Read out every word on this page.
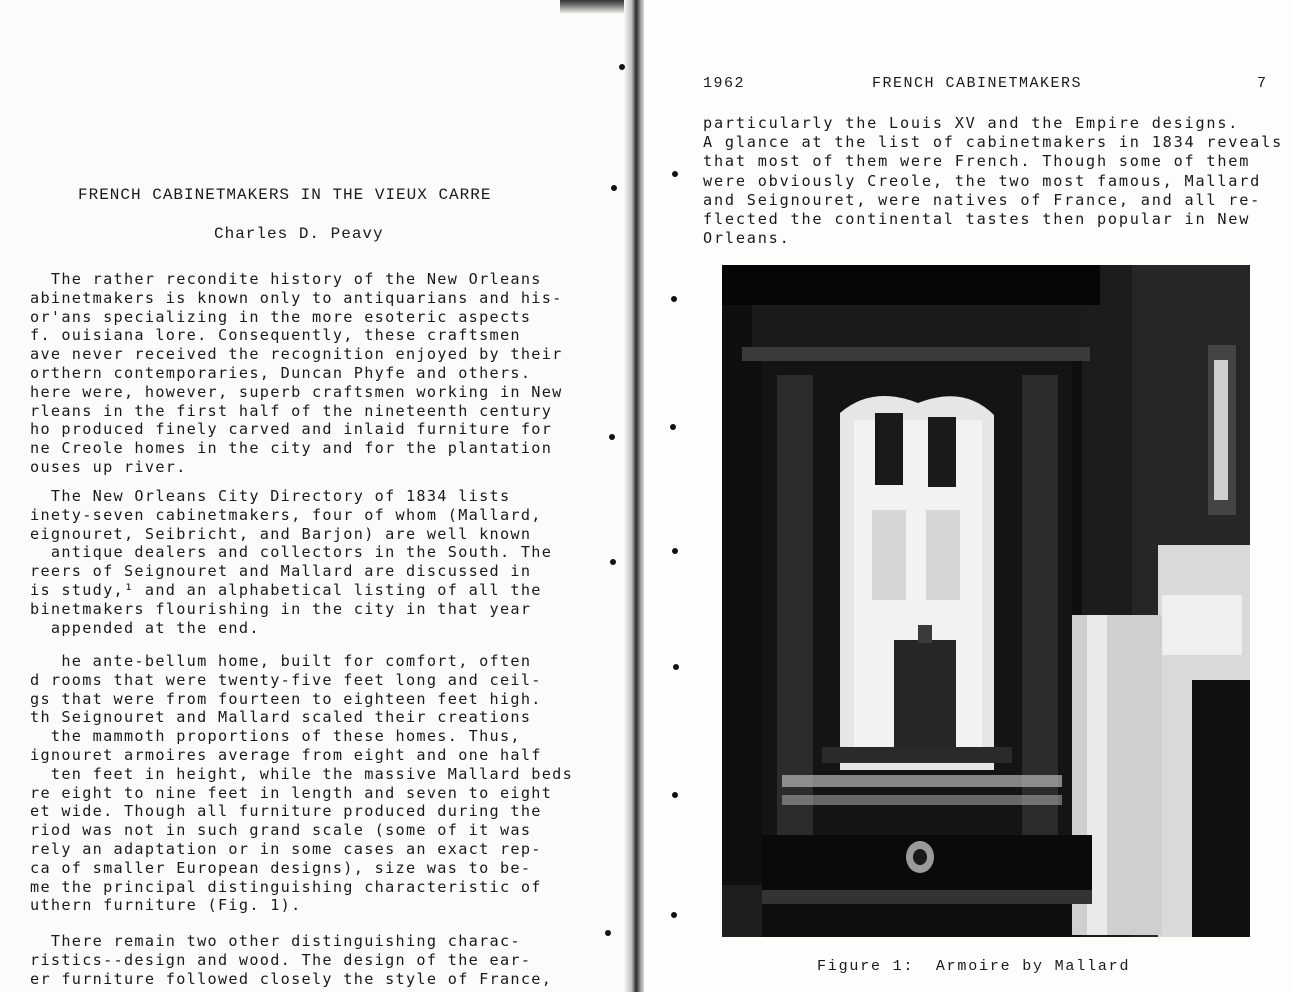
FRENCH CABINETMAKERS IN THE VIEUX CARRE
Charles D. Peavy
The rather recondite history of the New Orleans
abinetmakers is known only to antiquarians and his-
or'ans specializing in the more esoteric aspects
f. ouisiana lore. Consequently, these craftsmen
ave never received the recognition enjoyed by their
orthern contemporaries, Duncan Phyfe and others.
here were, however, superb craftsmen working in New
rleans in the first half of the nineteenth century
ho produced finely carved and inlaid furniture for
ne Creole homes in the city and for the plantation
ouses up river.
The New Orleans City Directory of 1834 lists
inety-seven cabinetmakers, four of whom (Mallard,
eignouret, Seibricht, and Barjon) are well known
antique dealers and collectors in the South. The
reers of Seignouret and Mallard are discussed in
is study,¹ and an alphabetical listing of all the
binetmakers flourishing in the city in that year
appended at the end.
he ante-bellum home, built for comfort, often
d rooms that were twenty-five feet long and ceil-
gs that were from fourteen to eighteen feet high.
th Seignouret and Mallard scaled their creations
the mammoth proportions of these homes. Thus,
ignouret armoires average from eight and one half
ten feet in height, while the massive Mallard beds
re eight to nine feet in length and seven to eight
et wide. Though all furniture produced during the
riod was not in such grand scale (some of it was
rely an adaptation or in some cases an exact rep-
ca of smaller European designs), size was to be-
me the principal distinguishing characteristic of
uthern furniture (Fig. 1).
There remain two other distinguishing charac-
ristics--design and wood. The design of the ear-
er furniture followed closely the style of France,
1962	FRENCH CABINETMAKERS	7
particularly the Louis XV and the Empire designs.
A glance at the list of cabinetmakers in 1834 reveals
that most of them were French. Though some of them
were obviously Creole, the two most famous, Mallard
and Seignouret, were natives of France, and all re-
flected the continental tastes then popular in New
Orleans.
Figure 1:  Armoire by Mallard
